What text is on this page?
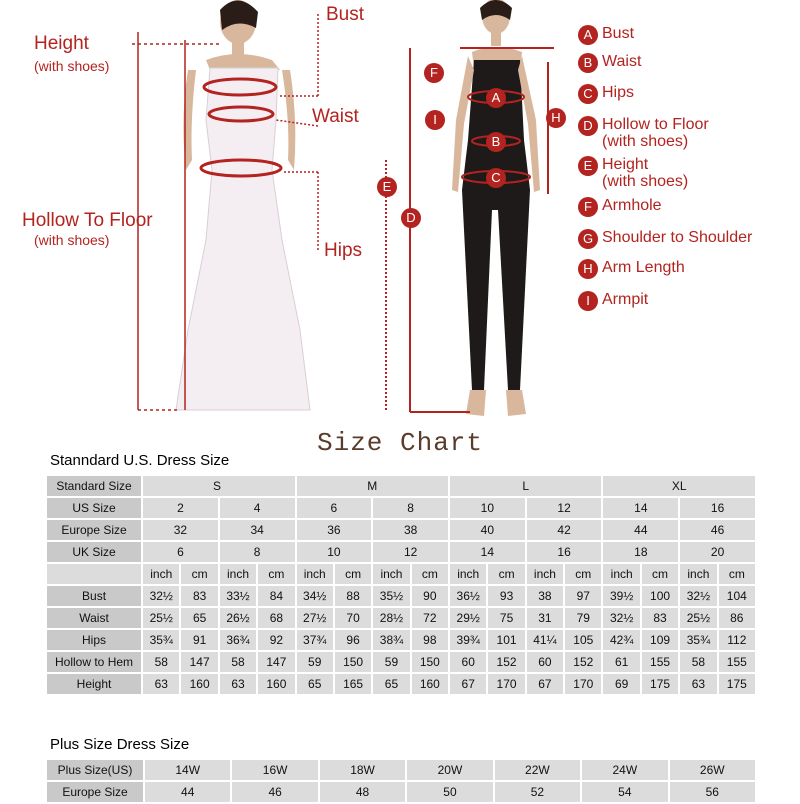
Height
(with shoes)
Hollow To Floor
(with shoes)
Bust
Waist
Hips
F
I
A
B
C
E
D
H
A Bust
B Waist
C Hips
D Hollow to Floor
(with shoes)
E Height
(with shoes)
F Armhole
G Shoulder to Shoulder
H Arm Length
I Armpit
Size Chart
Stanndard U.S. Dress Size
Standard Size	S				M				L				XL			
US Size	2		4		6		8		10		12		14		16	
Europe Size	32		34		36		38		40		42		44		46	
UK Size	6		8		10		12		14		16		18		20	
	inch	cm	inch	cm	inch	cm	inch	cm	inch	cm	inch	cm	inch	cm	inch	cm
Bust	32½	83	33½	84	34½	88	35½	90	36½	93	38	97	39½	100	32½	104
Waist	25½	65	26½	68	27½	70	28½	72	29½	75	31	79	32½	83	25½	86
Hips	35¾	91	36¾	92	37¾	96	38¾	98	39¾	101	41¼	105	42¾	109	35¾	112
Hollow to Hem	58	147	58	147	59	150	59	150	60	152	60	152	61	155	58	155
Height	63	160	63	160	65	165	65	160	67	170	67	170	69	175	63	175
Plus Size Dress Size
Plus Size(US)	14W	16W	18W	20W	22W	24W	26W
Europe Size	44	46	48	50	52	54	56
